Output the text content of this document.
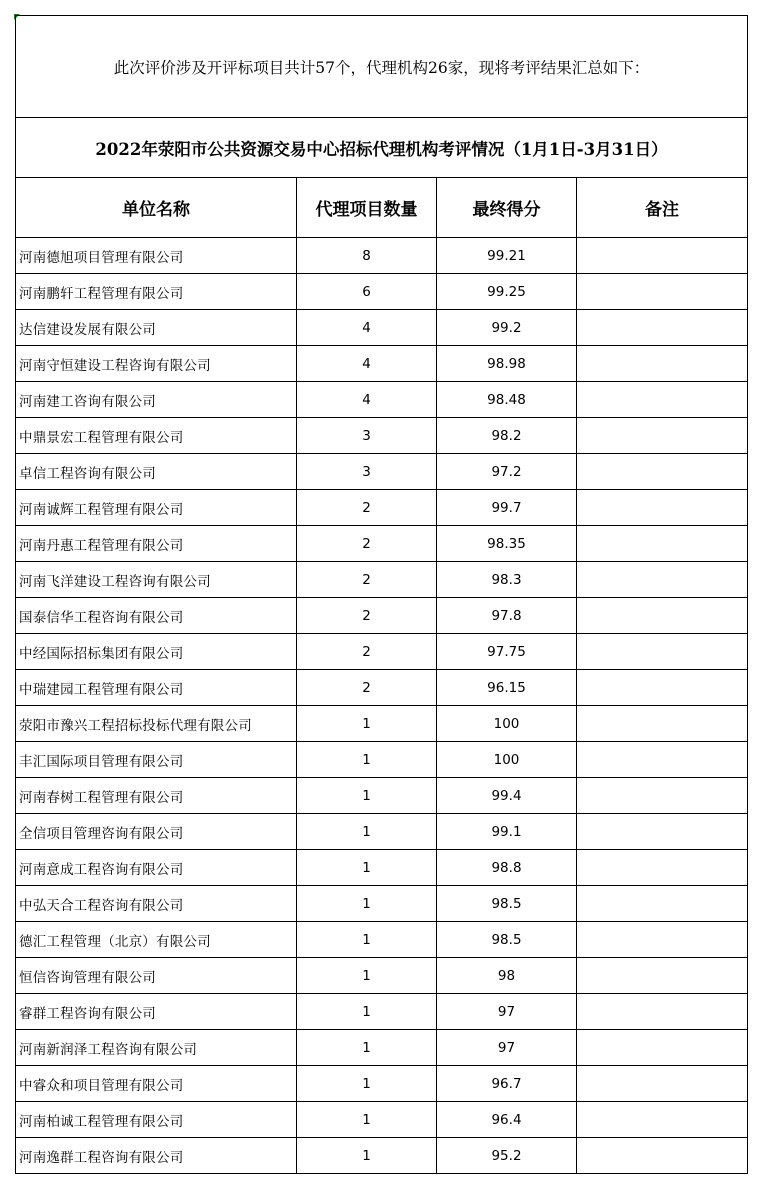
此次评价涉及开评标项目共计57个，代理机构26家，现将考评结果汇总如下：			
2022年荥阳市公共资源交易中心招标代理机构考评情况（1月1日-3月31日）			
单位名称	代理项目数量	最终得分	备注
河南德旭项目管理有限公司	8	99.21	
河南鹏轩工程管理有限公司	6	99.25	
达信建设发展有限公司	4	99.2	
河南守恒建设工程咨询有限公司	4	98.98	
河南建工咨询有限公司	4	98.48	
中鼎景宏工程管理有限公司	3	98.2	
卓信工程咨询有限公司	3	97.2	
河南诚辉工程管理有限公司	2	99.7	
河南丹惠工程管理有限公司	2	98.35	
河南飞洋建设工程咨询有限公司	2	98.3	
国泰信华工程咨询有限公司	2	97.8	
中经国际招标集团有限公司	2	97.75	
中瑞建园工程管理有限公司	2	96.15	
荥阳市豫兴工程招标投标代理有限公司	1	100	
丰汇国际项目管理有限公司	1	100	
河南春树工程管理有限公司	1	99.4	
全信项目管理咨询有限公司	1	99.1	
河南意成工程咨询有限公司	1	98.8	
中弘天合工程咨询有限公司	1	98.5	
德汇工程管理（北京）有限公司	1	98.5	
恒信咨询管理有限公司	1	98	
睿群工程咨询有限公司	1	97	
河南新润泽工程咨询有限公司	1	97	
中睿众和项目管理有限公司	1	96.7	
河南柏诚工程管理有限公司	1	96.4	
河南逸群工程咨询有限公司	1	95.2	
